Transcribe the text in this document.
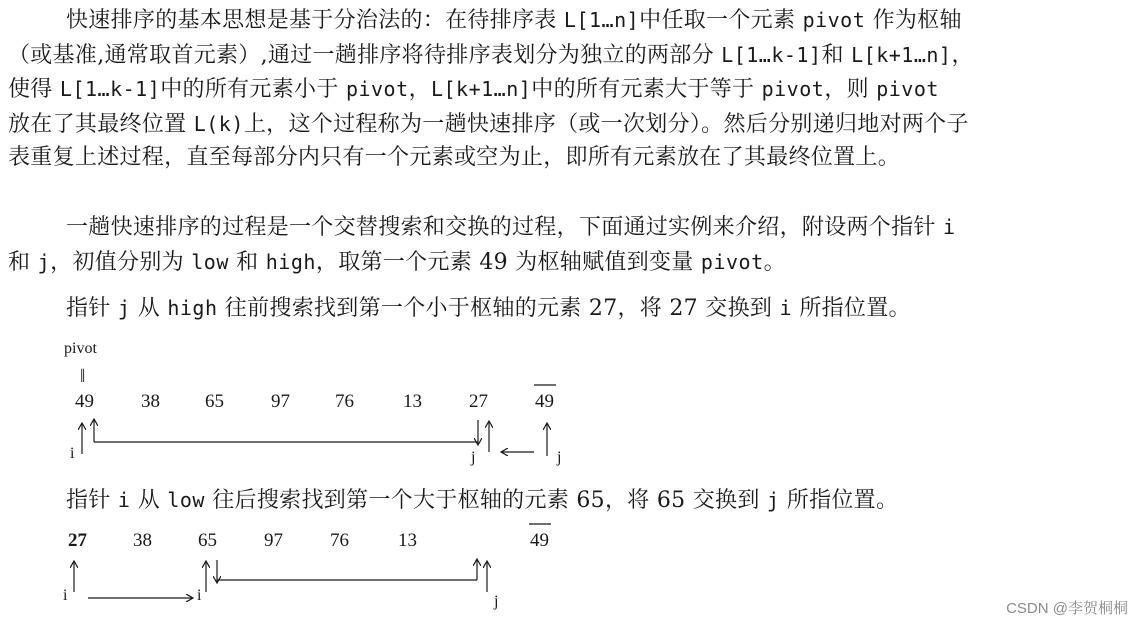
快速排序的基本思想是基于分治法的：在待排序表 L[1…n]中任取一个元素 pivot 作为枢轴
（或基准,通常取首元素）,通过一趟排序将待排序表划分为独立的两部分 L[1…k-1]和 L[k+1…n]，
使得 L[1…k-1]中的所有元素小于 pivot，L[k+1…n]中的所有元素大于等于 pivot，则 pivot
放在了其最终位置 L(k)上，这个过程称为一趟快速排序（或一次划分）。然后分别递归地对两个子
表重复上述过程，直至每部分内只有一个元素或空为止，即所有元素放在了其最终位置上。
一趟快速排序的过程是一个交替搜索和交换的过程，下面通过实例来介绍，附设两个指针 i
和 j，初值分别为 low 和 high，取第一个元素 49 为枢轴赋值到变量 pivot。
指针 j 从 high 往前搜索找到第一个小于枢轴的元素 27，将 27 交换到 i 所指位置。
pivot
‖
49 38 65 97 76	13 27 49
i	j	j
指针 i 从 low 往后搜索找到第一个大于枢轴的元素 65，将 65 交换到 j 所指位置。
27 38 65 97 76	13	49
i	i	j	CSDN @李贺桐桐
